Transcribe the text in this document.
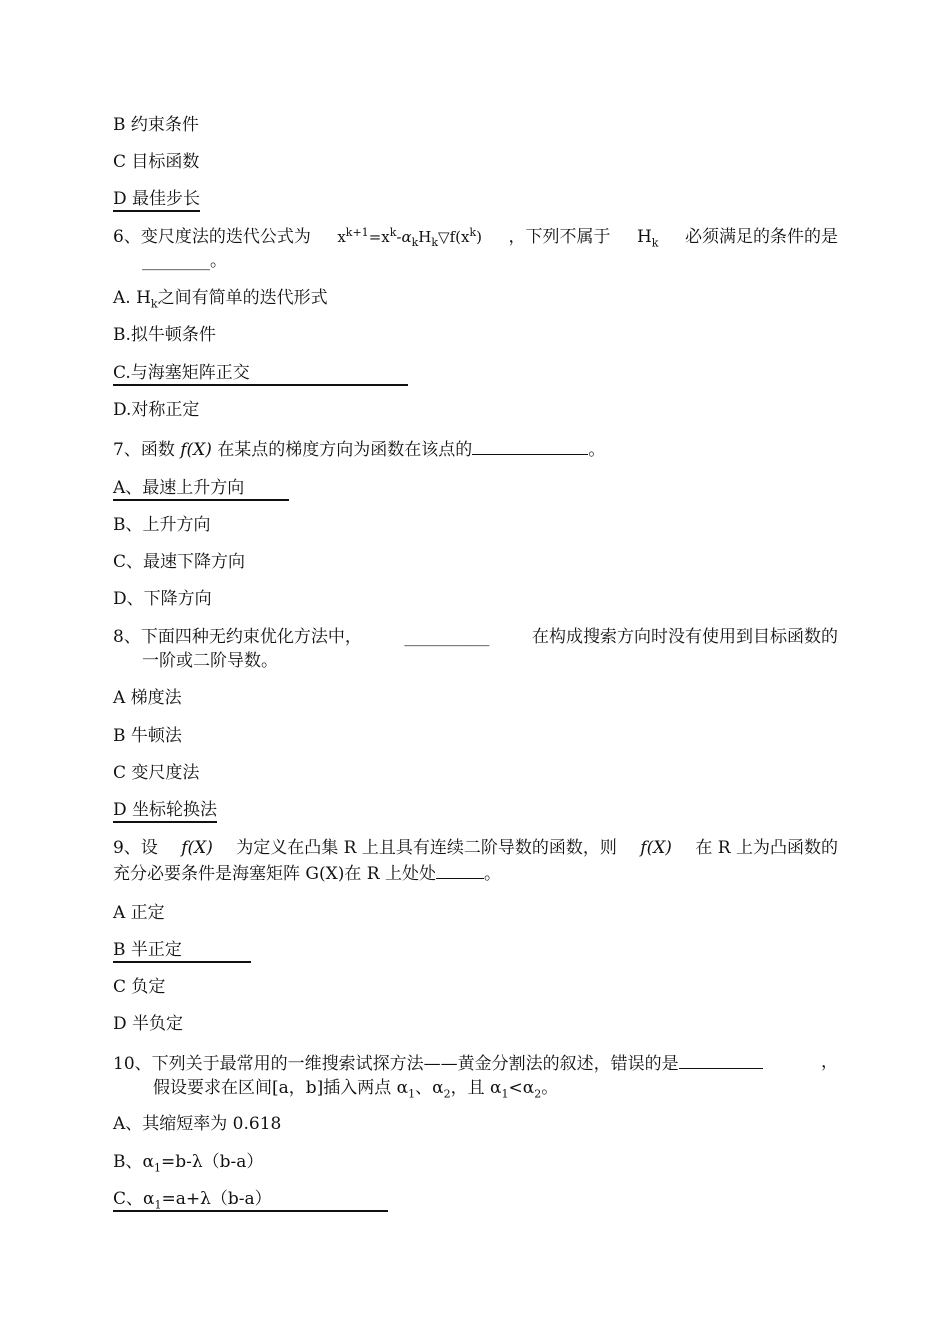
B 约束条件
C 目标函数
D 最佳步长
6、变尺度法的迭代公式为 $x^{k+1}=x^k-\alpha_kH_k▽f(x^k)$ ，下列不属于 $H_k$ 必须满足的条件的是
________。
A. $H_k$之间有简单的迭代形式
B.拟牛顿条件
C.与海塞矩阵正交
D.对称正定
7、函数 f(X) 在某点的梯度方向为函数在该点的	。
A、最速上升方向
B、上升方向
C、最速下降方向
D、下降方向
8、下面四种无约束优化方法中，	__________	在构成搜索方向时没有使用到目标函数的
一阶或二阶导数。
A 梯度法
B 牛顿法
C 变尺度法
D 坐标轮换法
9、设 f(X) 为定义在凸集 R 上且具有连续二阶导数的函数，则 f(X) 在 R 上为凸函数的
充分必要条件是海塞矩阵 G(X)在 R 上处处	。
A 正定
B 半正定
C 负定
D 半负定
10、下列关于最常用的一维搜索试探方法——黄金分割法的叙述，错误的是	，
假设要求在区间[a，b]插入两点 $\alpha_1$、$\alpha_2$，且 $\alpha_1<\alpha_2$。
A、其缩短率为 0.618
B、$\alpha_1=b-\lambda(b-a)$
C、$\alpha_1=a+\lambda(b-a)$
